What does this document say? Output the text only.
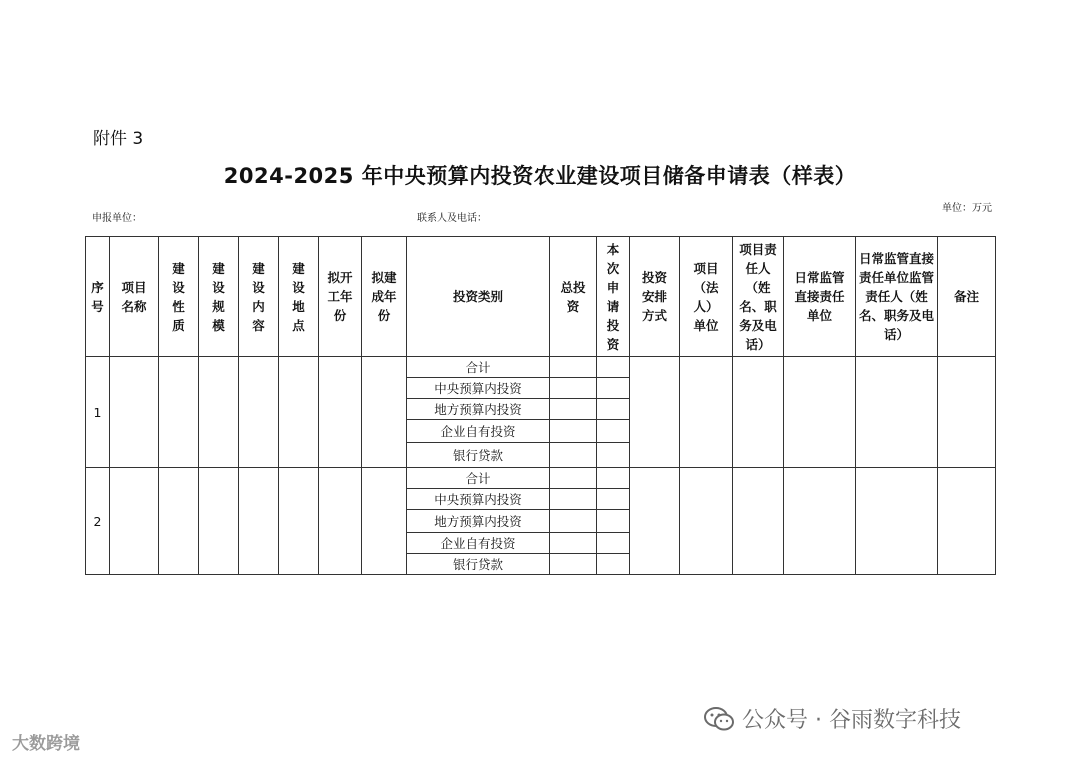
附件 3
2024-2025 年中央预算内投资农业建设项目储备申请表（样表）
申报单位：	联系人及电话：
单位：万元
序号	项目名称	建设性质	建设规模	建设内容	建设地点	拟开工年份	拟建成年份	投资类别	总投资	本次申请投资	投资安排方式	项目（法人）单位	项目责任人（姓名、职务及电话）	日常监管直接责任单位	日常监管直接责任单位监管责任人（姓名、职务及电话）	备注
1								合计								
								中央预算内投资								
								地方预算内投资								
								企业自有投资								
								银行贷款								
2								合计								
								中央预算内投资								
								地方预算内投资								
								企业自有投资								
								银行贷款								
大数跨境
公众号 · 谷雨数字科技
